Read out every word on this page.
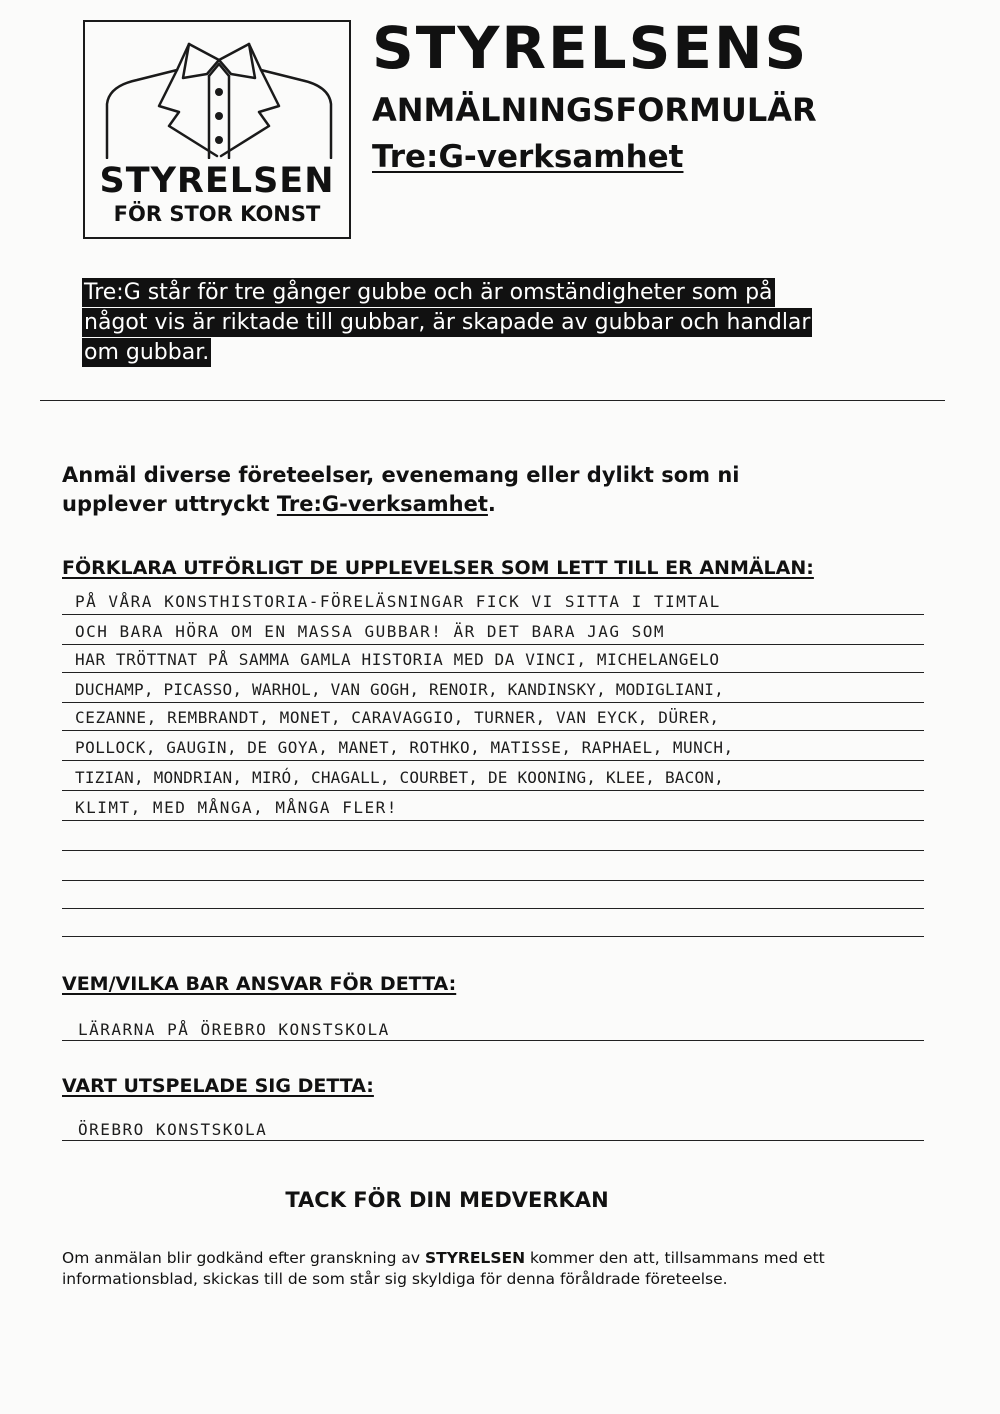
STYRELSEN
FÖR STOR KONST
STYRELSENS
ANMÄLNINGSFORMULÄR
Tre:G-verksamhet
Tre:G står för tre gånger gubbe och är omständigheter som på
något vis är riktade till gubbar, är skapade av gubbar och handlar
om gubbar.
Anmäl diverse företeelser, evenemang eller dylikt som ni upplever uttryckt Tre:G-verksamhet.
FÖRKLARA UTFÖRLIGT DE UPPLEVELSER SOM LETT TILL ER ANMÄLAN:
PÅ VÅRA KONSTHISTORIA-FÖRELÄSNINGAR FICK VI SITTA I TIMTAL
OCH BARA HÖRA OM EN MASSA GUBBAR! ÄR DET BARA JAG SOM
HAR TRÖTTNAT PÅ SAMMA GAMLA HISTORIA MED DA VINCI, MICHELANGELO
DUCHAMP, PICASSO, WARHOL, VAN GOGH, RENOIR, KANDINSKY, MODIGLIANI,
CEZANNE, REMBRANDT, MONET, CARAVAGGIO, TURNER, VAN EYCK, DÜRER,
POLLOCK, GAUGIN, DE GOYA, MANET, ROTHKO, MATISSE, RAPHAEL, MUNCH,
TIZIAN, MONDRIAN, MIRÓ, CHAGALL, COURBET, DE KOONING, KLEE, BACON,
KLIMT, MED MÅNGA, MÅNGA FLER!
VEM/VILKA BAR ANSVAR FÖR DETTA:
LÄRARNA PÅ ÖREBRO KONSTSKOLA
VART UTSPELADE SIG DETTA:
ÖREBRO KONSTSKOLA
TACK FÖR DIN MEDVERKAN
Om anmälan blir godkänd efter granskning av STYRELSEN kommer den att, tillsammans med ett informationsblad, skickas till de som står sig skyldiga för denna föråldrade företeelse.
